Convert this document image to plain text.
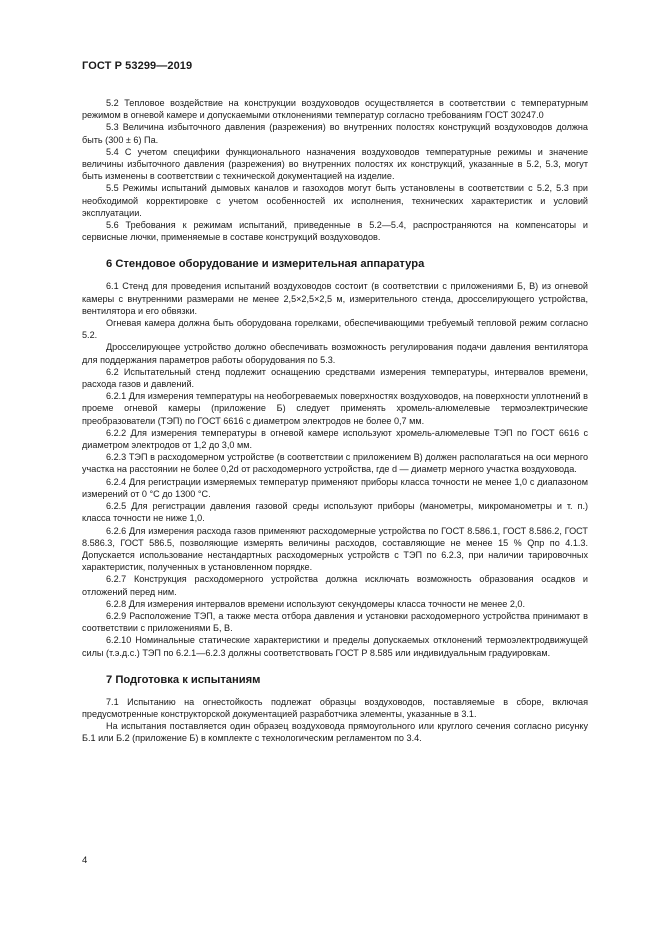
ГОСТ Р 53299—2019

5.2 Тепловое воздействие на конструкции воздуховодов осуществляется в соответствии с температурным режимом в огневой камере и допускаемыми отклонениями температур согласно требованиям ГОСТ 30247.0

5.3 Величина избыточного давления (разрежения) во внутренних полостях конструкций воздуховодов должна быть (300 ± 6) Па.

5.4 С учетом специфики функционального назначения воздуховодов температурные режимы и значение величины избыточного давления (разрежения) во внутренних полостях их конструкций, указанные в 5.2, 5.3, могут быть изменены в соответствии с технической документацией на изделие.

5.5 Режимы испытаний дымовых каналов и газоходов могут быть установлены в соответствии с 5.2, 5.3 при необходимой корректировке с учетом особенностей их исполнения, технических характеристик и условий эксплуатации.

5.6 Требования к режимам испытаний, приведенные в 5.2—5.4, распространяются на компенсаторы и сервисные лючки, применяемые в составе конструкций воздуховодов.

6 Стендовое оборудование и измерительная аппаратура

6.1 Стенд для проведения испытаний воздуховодов состоит (в соответствии с приложениями Б, В) из огневой камеры с внутренними размерами не менее 2,5×2,5×2,5 м, измерительного стенда, дросселирующего устройства, вентилятора и его обвязки.

Огневая камера должна быть оборудована горелками, обеспечивающими требуемый тепловой режим согласно 5.2.

Дросселирующее устройство должно обеспечивать возможность регулирования подачи давления вентилятора для поддержания параметров работы оборудования по 5.3.

6.2 Испытательный стенд подлежит оснащению средствами измерения температуры, интервалов времени, расхода газов и давлений.

6.2.1 Для измерения температуры на необогреваемых поверхностях воздуховодов, на поверхности уплотнений в проеме огневой камеры (приложение Б) следует применять хромель-алюмелевые термоэлектрические преобразователи (ТЭП) по ГОСТ 6616 с диаметром электродов не более 0,7 мм.

6.2.2 Для измерения температуры в огневой камере используют хромель-алюмелевые ТЭП по ГОСТ 6616 с диаметром электродов от 1,2 до 3,0 мм.

6.2.3 ТЭП в расходомерном устройстве (в соответствии с приложением В) должен располагаться на оси мерного участка на расстоянии не более 0,2d от расходомерного устройства, где d — диаметр мерного участка воздуховода.

6.2.4 Для регистрации измеряемых температур применяют приборы класса точности не менее 1,0 с диапазоном измерений от 0 °С до 1300 °С.

6.2.5 Для регистрации давления газовой среды используют приборы (манометры, микроманометры и т. п.) класса точности не ниже 1,0.

6.2.6 Для измерения расхода газов применяют расходомерные устройства по ГОСТ 8.586.1, ГОСТ 8.586.2, ГОСТ 8.586.3, ГОСТ 586.5, позволяющие измерять величины расходов, составляющие не менее 15 % Qпр по 4.1.3. Допускается использование нестандартных расходомерных устройств с ТЭП по 6.2.3, при наличии тарировочных характеристик, полученных в установленном порядке.

6.2.7 Конструкция расходомерного устройства должна исключать возможность образования осадков и отложений перед ним.

6.2.8 Для измерения интервалов времени используют секундомеры класса точности не менее 2,0.

6.2.9 Расположение ТЭП, а также места отбора давления и установки расходомерного устройства принимают в соответствии с приложениями Б, В.

6.2.10 Номинальные статические характеристики и пределы допускаемых отклонений термоэлектродвижущей силы (т.э.д.с.) ТЭП по 6.2.1—6.2.3 должны соответствовать ГОСТ Р 8.585 или индивидуальным градуировкам.

7 Подготовка к испытаниям

7.1 Испытанию на огнестойкость подлежат образцы воздуховодов, поставляемые в сборе, включая предусмотренные конструкторской документацией разработчика элементы, указанные в 3.1.

На испытания поставляется один образец воздуховода прямоугольного или круглого сечения согласно рисунку Б.1 или Б.2 (приложение Б) в комплекте с технологическим регламентом по 3.4.

4
